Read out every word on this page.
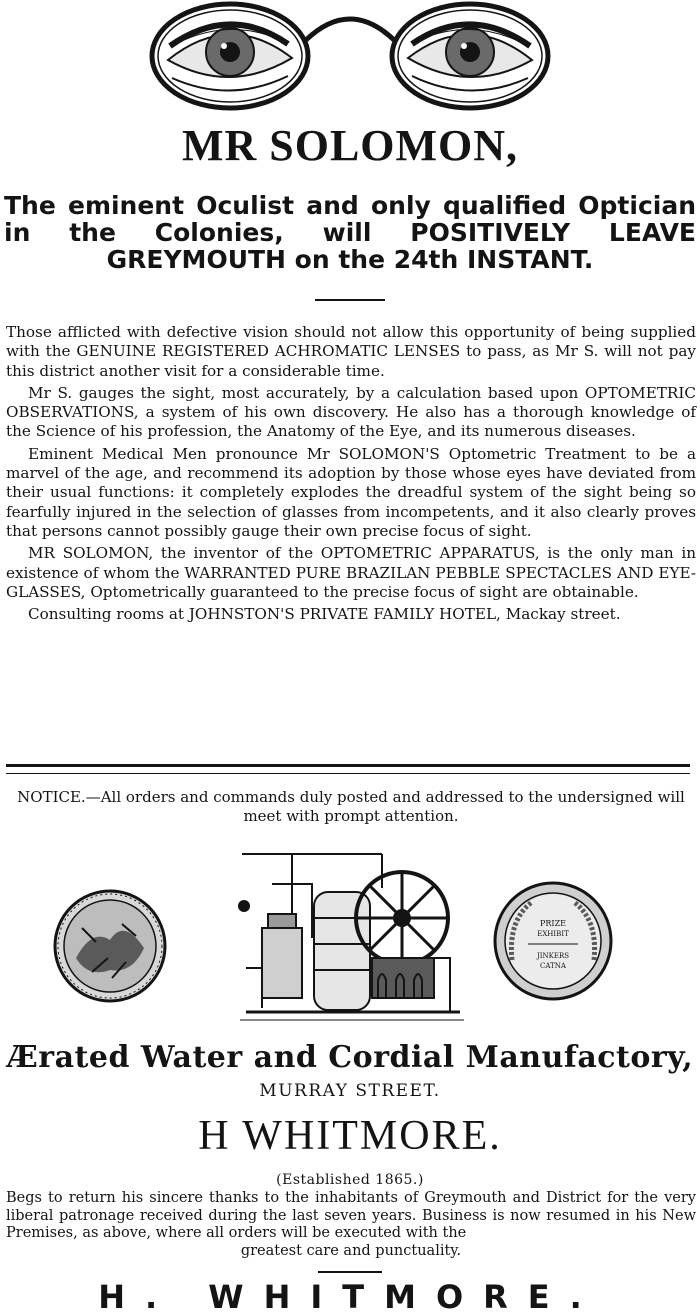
MR SOLOMON,
The eminent Oculist and only qualified Optician
in the Colonies, will POSITIVELY LEAVE
GREYMOUTH on the 24th INSTANT.

Those afflicted with defective vision should not allow this opportunity of being supplied with the GENUINE REGISTERED ACHROMATIC LENSES to pass, as Mr S. will not pay this district another visit for a considerable time.

Mr S. gauges the sight, most accurately, by a calculation based upon OPTOMETRIC OBSERVATIONS, a system of his own discovery. He also has a thorough knowledge of the Science of his profession, the Anatomy of the Eye, and its numerous diseases.

Eminent Medical Men pronounce Mr SOLOMON'S Optometric Treatment to be a marvel of the age, and recommend its adoption by those whose eyes have deviated from their usual functions: it completely explodes the dreadful system of the sight being so fearfully injured in the selection of glasses from incompetents, and it also clearly proves that persons cannot possibly gauge their own precise focus of sight.

MR SOLOMON, the inventor of the OPTOMETRIC APPARATUS, is the only man in existence of whom the WARRANTED PURE BRAZILAN PEBBLE SPECTACLES AND EYE-GLASSES, Optometrically guaranteed to the precise focus of sight are obtainable.

Consulting rooms at JOHNSTON'S PRIVATE FAMILY HOTEL, Mackay street.

NOTICE.—All orders and commands duly posted and addressed to the undersigned will meet with prompt attention.
PRIZE
EXHIBIT
JINKERS
CATNA
Ærated Water and Cordial Manufactory,
MURRAY STREET.
H WHITMORE.
(Established 1865.)
Begs to return his sincere thanks to the inhabitants of Greymouth and District for the very liberal patronage received during the last seven years. Business is now resumed in his New Premises, as above, where all orders will be executed with the
greatest care and punctuality.
H. WHITMORE.
